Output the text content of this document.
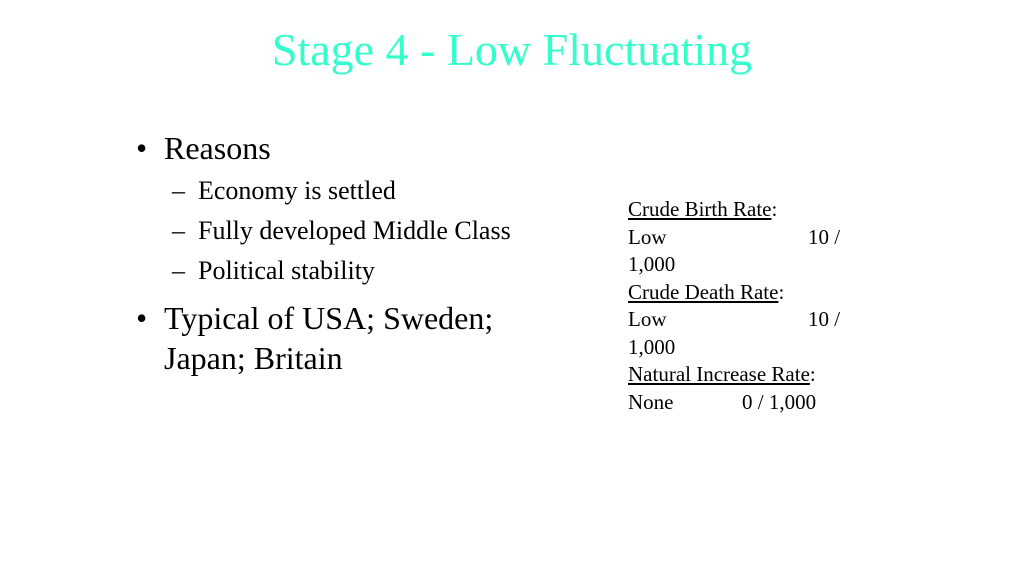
Stage 4 - Low Fluctuating
• Reasons
– Economy is settled
– Fully developed Middle Class
– Political stability
• Typical of USA; Sweden;
Japan; Britain
Crude Birth Rate:
Low	10 /
1,000
Crude Death Rate:
Low	10 /
1,000
Natural Increase Rate:
None	0 / 1,000
